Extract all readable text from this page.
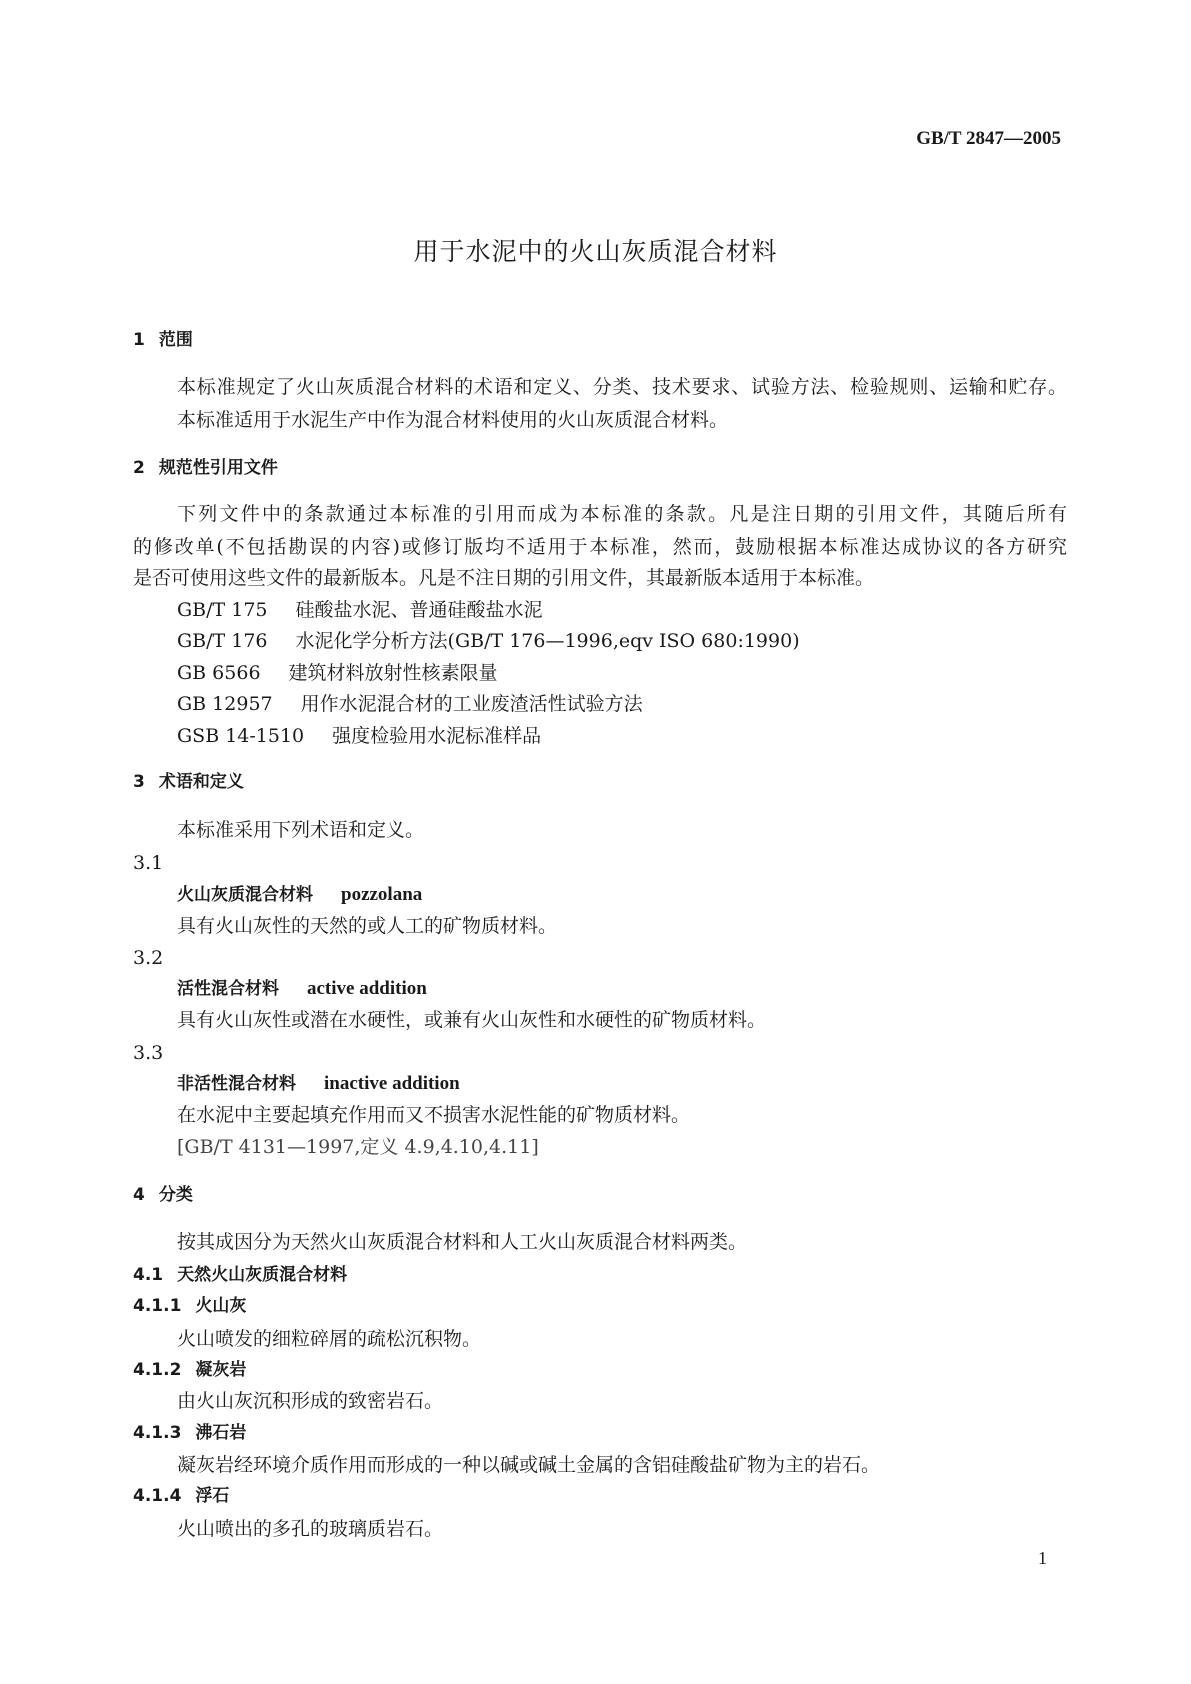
GB/T 2847—2005
用于水泥中的火山灰质混合材料
1 范围
本标准规定了火山灰质混合材料的术语和定义、分类、技术要求、试验方法、检验规则、运输和贮存。
本标准适用于水泥生产中作为混合材料使用的火山灰质混合材料。
2 规范性引用文件
下列文件中的条款通过本标准的引用而成为本标准的条款。凡是注日期的引用文件，其随后所有
的修改单(不包括勘误的内容)或修订版均不适用于本标准，然而，鼓励根据本标准达成协议的各方研究
是否可使用这些文件的最新版本。凡是不注日期的引用文件，其最新版本适用于本标准。
GB/T 175 硅酸盐水泥、普通硅酸盐水泥
GB/T 176 水泥化学分析方法(GB/T 176—1996,eqv ISO 680:1990)
GB 6566 建筑材料放射性核素限量
GB 12957 用作水泥混合材的工业废渣活性试验方法
GSB 14-1510 强度检验用水泥标准样品
3 术语和定义
本标准采用下列术语和定义。
3.1
火山灰质混合材料 pozzolana
具有火山灰性的天然的或人工的矿物质材料。
3.2
活性混合材料 active addition
具有火山灰性或潜在水硬性，或兼有火山灰性和水硬性的矿物质材料。
3.3
非活性混合材料 inactive addition
在水泥中主要起填充作用而又不损害水泥性能的矿物质材料。
[GB/T 4131—1997,定义 4.9,4.10,4.11]
4 分类
按其成因分为天然火山灰质混合材料和人工火山灰质混合材料两类。
4.1 天然火山灰质混合材料
4.1.1 火山灰
火山喷发的细粒碎屑的疏松沉积物。
4.1.2 凝灰岩
由火山灰沉积形成的致密岩石。
4.1.3 沸石岩
凝灰岩经环境介质作用而形成的一种以碱或碱土金属的含铝硅酸盐矿物为主的岩石。
4.1.4 浮石
火山喷出的多孔的玻璃质岩石。
1
